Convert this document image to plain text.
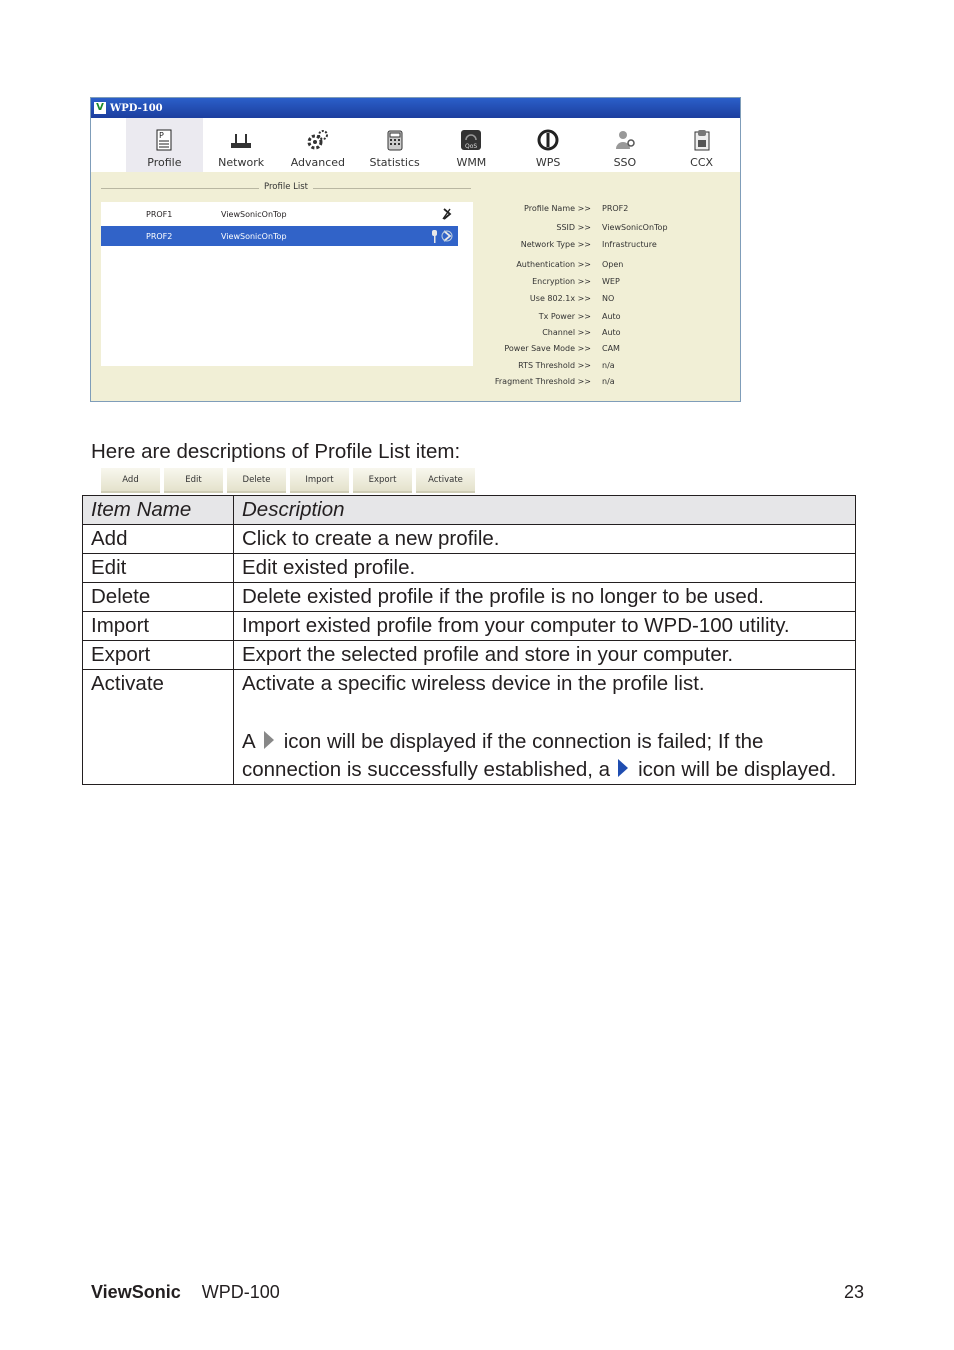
V WPD-100
P
Profile	Network Advanced Statistics
QoS
WMM	WPS	SSO	CCX
Profile List
PROF1	ViewSonicOnTop
PROF2	ViewSonicOnTop
Add	Edit	Delete	Import	Export	Activate
Profile Name >> PROF2
SSID >> ViewSonicOnTop
Network Type >> Infrastructure
Authentication >> Open
Encryption >> WEP
Use 802.1x >> NO
Tx Power >> Auto
Channel >> Auto
Power Save Mode >> CAM
RTS Threshold >> n/a
Fragment Threshold >> n/a
Here are descriptions of Profile List item:
Item Name	Description
Add	Click to create a new profile.
Edit	Edit existed profile.
Delete	Delete existed profile if the profile is no longer to be used.
Import	Import existed profile from your computer to WPD-100 utility.
Export	Export the selected profile and store in your computer.
Activate	Activate a specific wireless device in the profile list.
A icon will be displayed if the connection is failed; If the connection is successfully established, a icon will be displayed.
ViewSonic WPD-100	23
